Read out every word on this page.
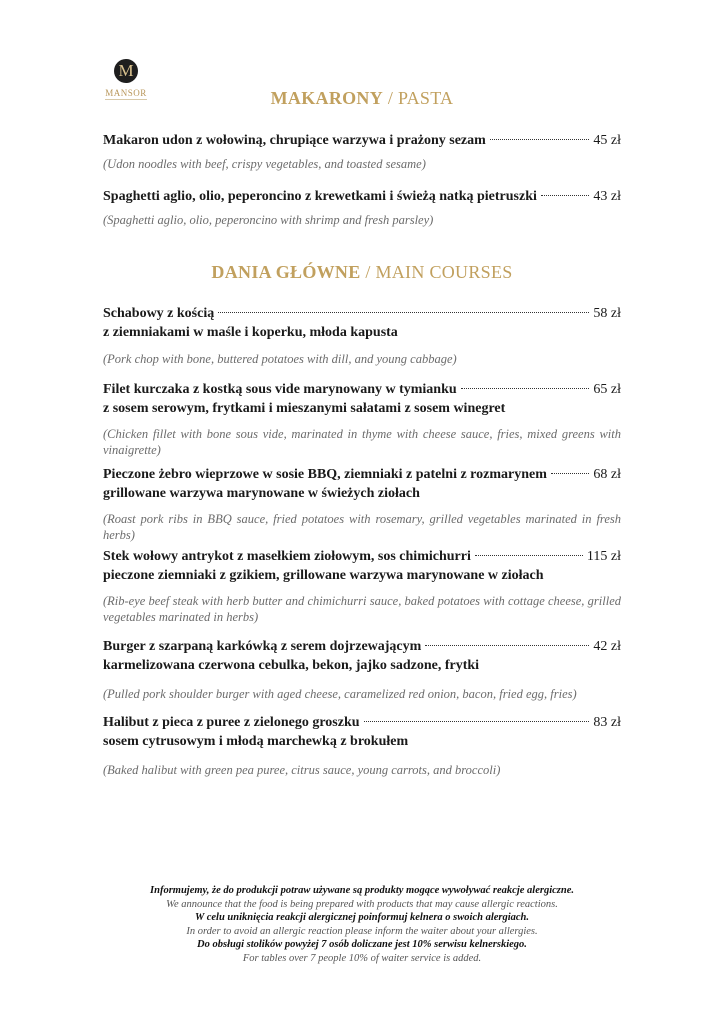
M
MANSOR	MAKARONY / PASTA
Makaron udon z wołowiną, chrupiące warzywa i prażony sezam	45 zł
(Udon noodles with beef, crispy vegetables, and toasted sesame)
Spaghetti aglio, olio, peperoncino z krewetkami i świeżą natką pietruszki	43 zł
(Spaghetti aglio, olio, peperoncino with shrimp and fresh parsley)
DANIA GŁÓWNE / MAIN COURSES
Schabowy z kością	58 zł
z ziemniakami w maśle i koperku, młoda kapusta
(Pork chop with bone, buttered potatoes with dill, and young cabbage)
Filet kurczaka z kostką sous vide marynowany w tymianku	65 zł
z sosem serowym, frytkami i mieszanymi sałatami z sosem winegret
(Chicken fillet with bone sous vide, marinated in thyme with cheese sauce, fries, mixed greens with vinaigrette)
Pieczone żebro wieprzowe w sosie BBQ, ziemniaki z patelni z rozmarynem	68 zł
grillowane warzywa marynowane w świeżych ziołach
(Roast pork ribs in BBQ sauce, fried potatoes with rosemary, grilled vegetables marinated in fresh herbs)
Stek wołowy antrykot z masełkiem ziołowym, sos chimichurri	115 zł
pieczone ziemniaki z gzikiem, grillowane warzywa marynowane w ziołach
(Rib-eye beef steak with herb butter and chimichurri sauce, baked potatoes with cottage cheese, grilled vegetables marinated in herbs)
Burger z szarpaną karkówką z serem dojrzewającym	42 zł
karmelizowana czerwona cebulka, bekon, jajko sadzone, frytki
(Pulled pork shoulder burger with aged cheese, caramelized red onion, bacon, fried egg, fries)
Halibut z pieca z puree z zielonego groszku	83 zł
sosem cytrusowym i młodą marchewką z brokułem
(Baked halibut with green pea puree, citrus sauce, young carrots, and broccoli)
Informujemy, że do produkcji potraw używane są produkty mogące wywoływać reakcje alergiczne.
We announce that the food is being prepared with products that may cause allergic reactions.
W celu uniknięcia reakcji alergicznej poinformuj kelnera o swoich alergiach.
In order to avoid an allergic reaction please inform the waiter about your allergies.
Do obsługi stolików powyżej 7 osób doliczane jest 10% serwisu kelnerskiego.
For tables over 7 people 10% of waiter service is added.
